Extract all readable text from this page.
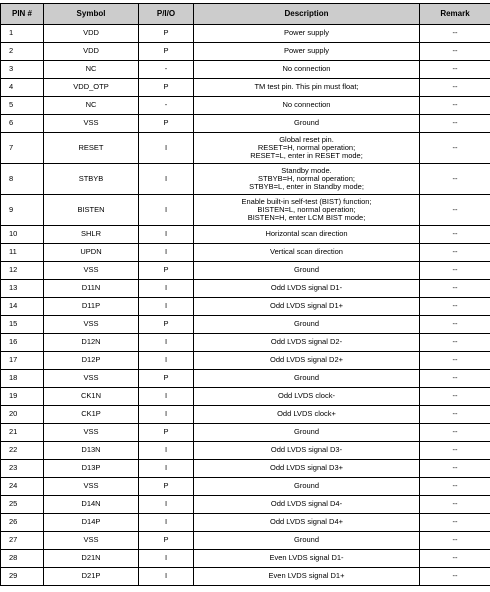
PIN #	Symbol	P/I/O	Description	Remark
1	VDD	P	Power supply	--
2	VDD	P	Power supply	--
3	NC	-	No connection	--
4	VDD_OTP	P	TM test pin. This pin must float;	--
5	NC	-	No connection	--
6	VSS	P	Ground	--
7	RESET	I	Global reset pin.
RESET=H, normal operation;
RESET=L, enter in RESET mode;	--
8	STBYB	I	Standby mode.
STBYB=H, normal operation;
STBYB=L, enter in Standby mode;	--
9	BISTEN	I	Enable built-in self-test (BIST) function;
BISTEN=L, normal operation;
BISTEN=H, enter LCM BIST mode;	--
10	SHLR	I	Horizontal scan direction	--
11	UPDN	I	Vertical scan direction	--
12	VSS	P	Ground	--
13	D11N	I	Odd LVDS signal D1-	--
14	D11P	I	Odd LVDS signal D1+	--
15	VSS	P	Ground	--
16	D12N	I	Odd LVDS signal D2-	--
17	D12P	I	Odd LVDS signal D2+	--
18	VSS	P	Ground	--
19	CK1N	I	Odd LVDS clock-	--
20	CK1P	I	Odd LVDS clock+	--
21	VSS	P	Ground	--
22	D13N	I	Odd LVDS signal D3-	--
23	D13P	I	Odd LVDS signal D3+	--
24	VSS	P	Ground	--
25	D14N	I	Odd LVDS signal D4-	--
26	D14P	I	Odd LVDS signal D4+	--
27	VSS	P	Ground	--
28	D21N	I	Even LVDS signal D1-	--
29	D21P	I	Even LVDS signal D1+	--
